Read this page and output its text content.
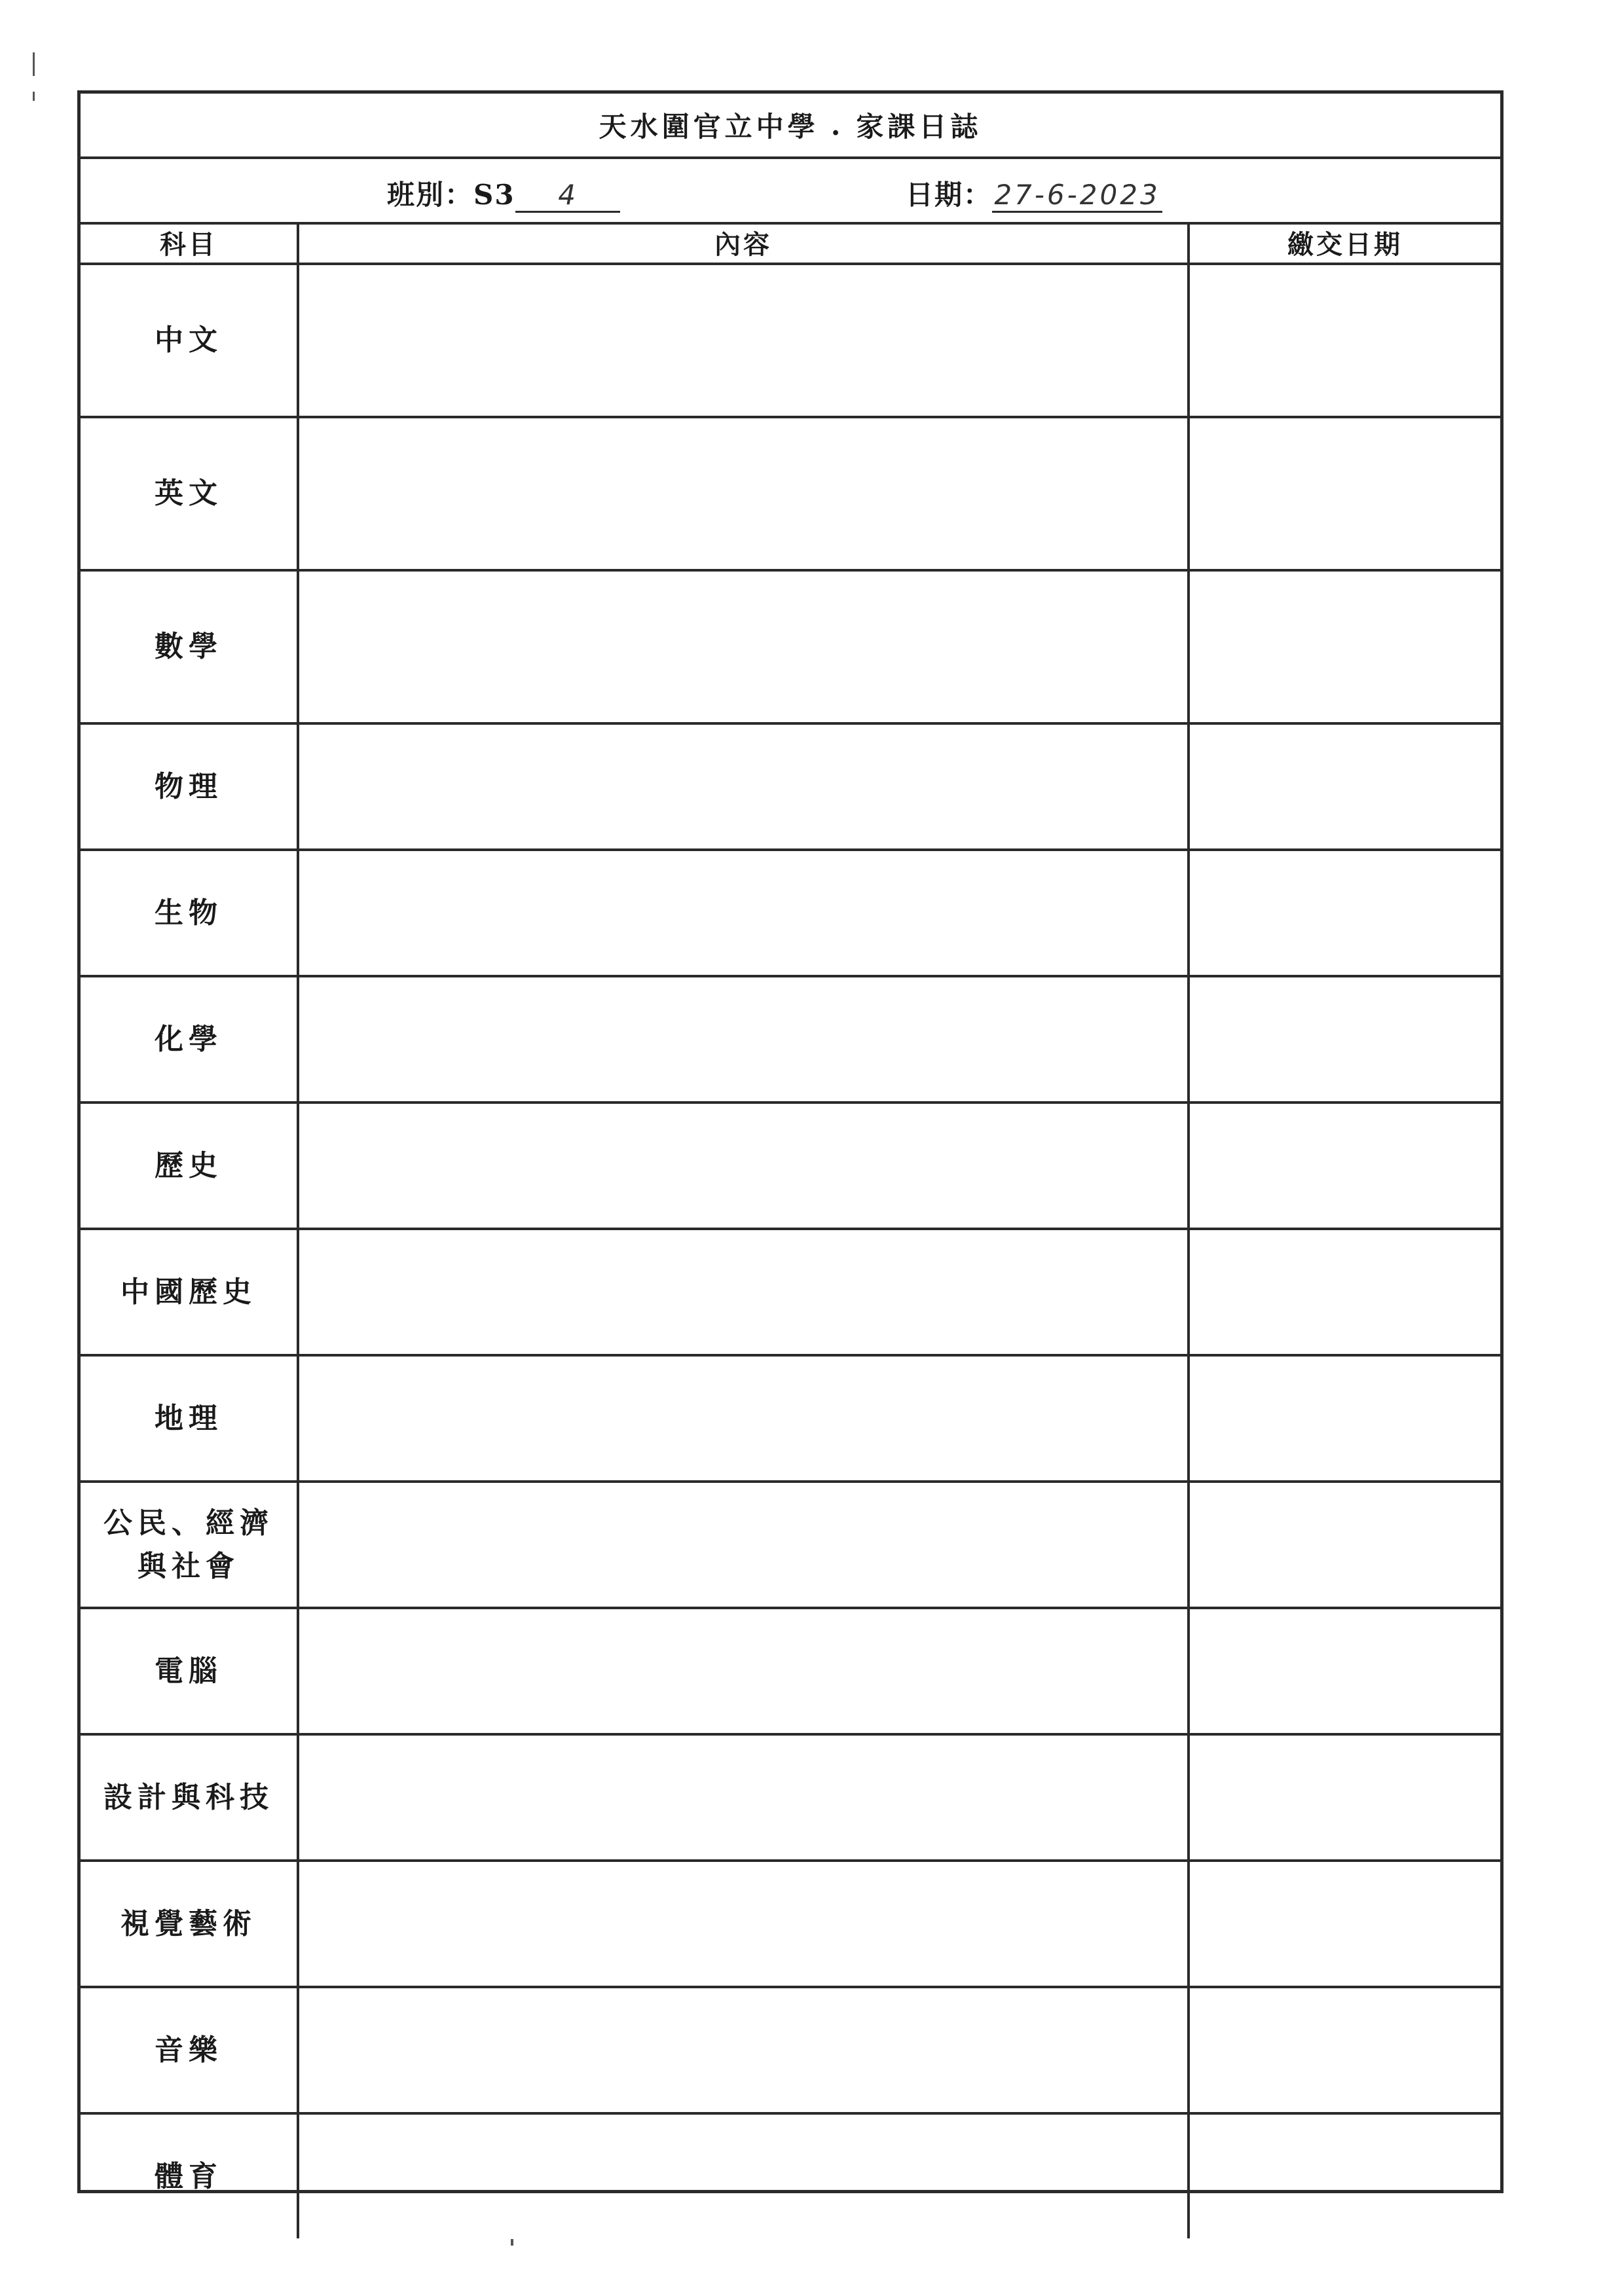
天水圍官立中學 . 家課日誌
班別：S3 4	日期：27-6-2023
科目	內容	繳交日期

中文		

英文		

數學		

物理		

生物		

化學		

歷史		

中國歷史		

地理		

公民、經濟
與社會		

電腦		

設計與科技		

視覺藝術		

音樂		

體育		
